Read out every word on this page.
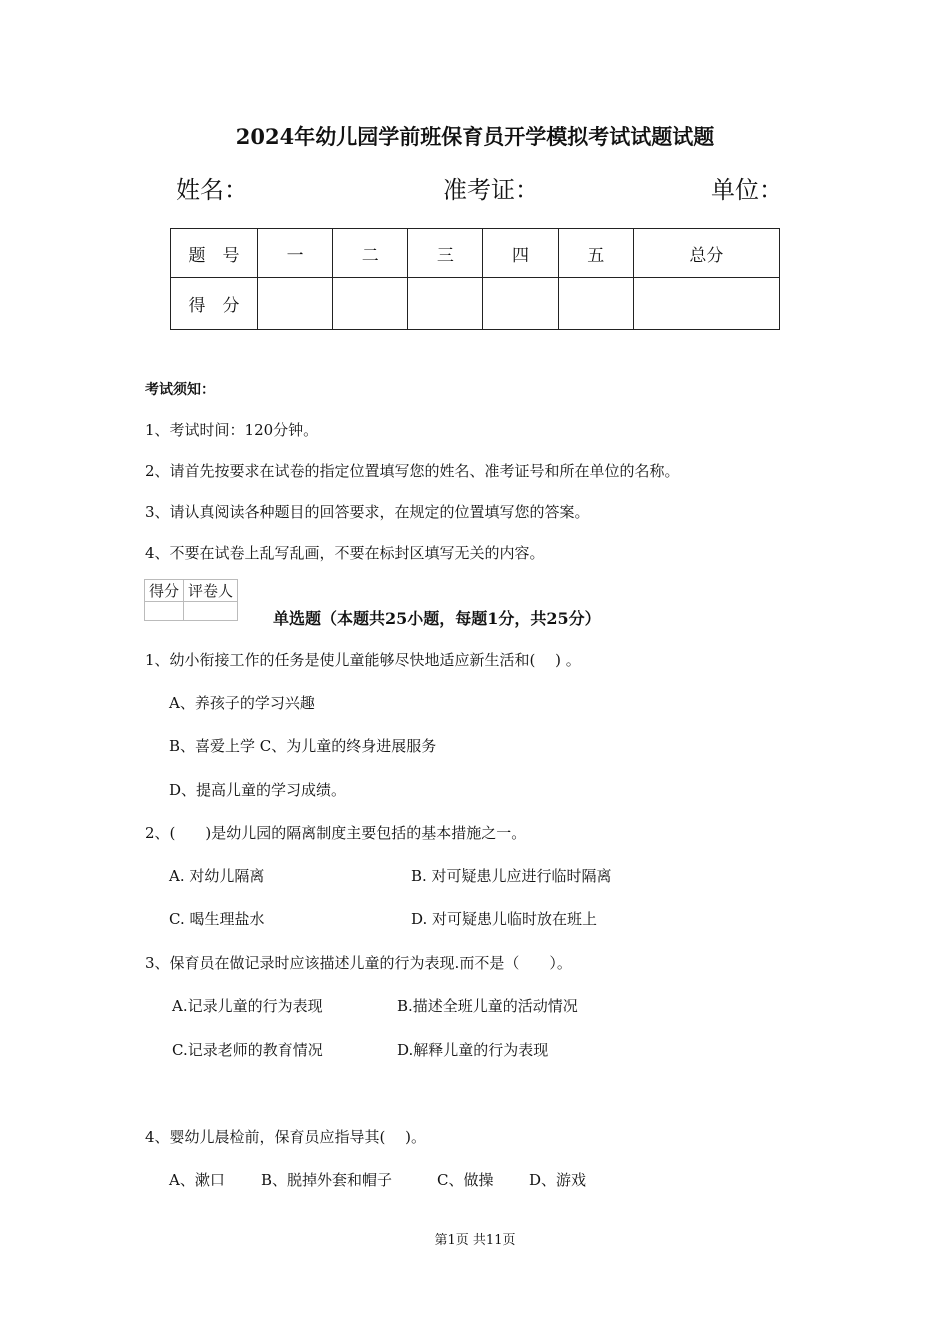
2024年幼儿园学前班保育员开学模拟考试试题试题
姓名：	准考证：	单位：
题　号	一	二	三	四	五	总分
得　分						
考试须知：
1、考试时间：120分钟。
2、请首先按要求在试卷的指定位置填写您的姓名、准考证号和所在单位的名称。
3、请认真阅读各种题目的回答要求，在规定的位置填写您的答案。
4、不要在试卷上乱写乱画，不要在标封区填写无关的内容。
得分	评卷人

单选题（本题共25小题，每题1分，共25分）
1、幼小衔接工作的任务是使儿童能够尽快地适应新生活和(　 ) 。
A、养孩子的学习兴趣
B、喜爱上学 C、为儿童的终身进展服务
D、提高儿童的学习成绩。
2、(　　)是幼儿园的隔离制度主要包括的基本措施之一。
A. 对幼儿隔离	B. 对可疑患儿应进行临时隔离
C. 喝生理盐水	D. 对可疑患儿临时放在班上
3、保育员在做记录时应该描述儿童的行为表现.而不是（　　）。
A.记录儿童的行为表现	B.描述全班儿童的活动情况
C.记录老师的教育情况	D.解释儿童的行为表现
4、婴幼儿晨检前，保育员应指导其(　 )。
A、漱口 B、脱掉外套和帽子	C、做操 D、游戏
第1页 共11页
